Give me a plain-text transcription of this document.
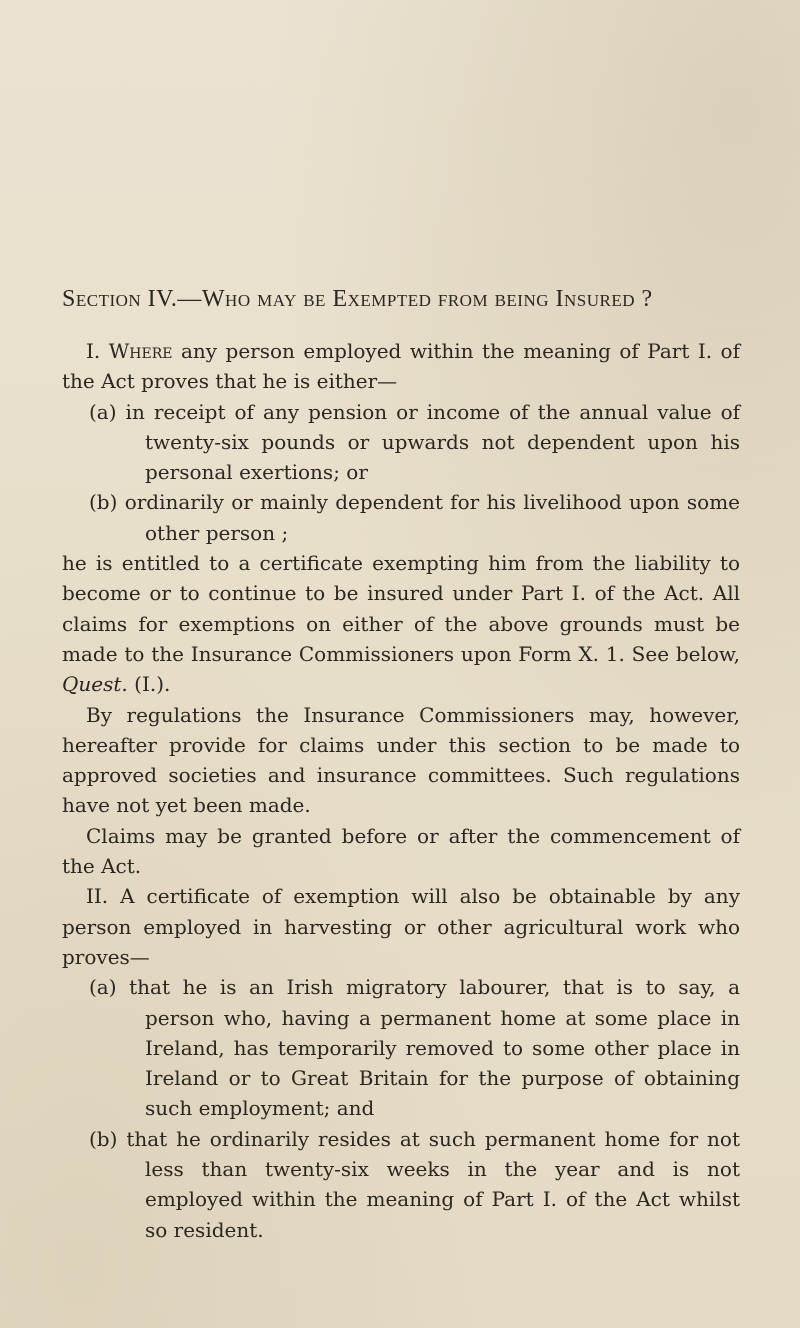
Section IV.—Who may be Exempted from being Insured ?

I. Where any person employed within the meaning of Part I. of the Act proves that he is either—

(a) in receipt of any pension or income of the annual value of twenty-six pounds or upwards not dependent upon his personal exertions; or

(b) ordinarily or mainly dependent for his livelihood upon some other person ;

he is entitled to a certificate exempting him from the liability to become or to continue to be insured under Part I. of the Act. All claims for exemptions on either of the above grounds must be made to the Insurance Commissioners upon Form X. 1. See below, Quest. (I.).

By regulations the Insurance Commissioners may, however, hereafter provide for claims under this section to be made to approved societies and insurance committees. Such regulations have not yet been made.

Claims may be granted before or after the commencement of the Act.

II. A certificate of exemption will also be obtainable by any person employed in harvesting or other agricultural work who proves—

(a) that he is an Irish migratory labourer, that is to say, a person who, having a permanent home at some place in Ireland, has temporarily removed to some other place in Ireland or to Great Britain for the purpose of obtaining such employment; and

(b) that he ordinarily resides at such permanent home for not less than twenty-six weeks in the year and is not employed within the meaning of Part I. of the Act whilst so resident.
